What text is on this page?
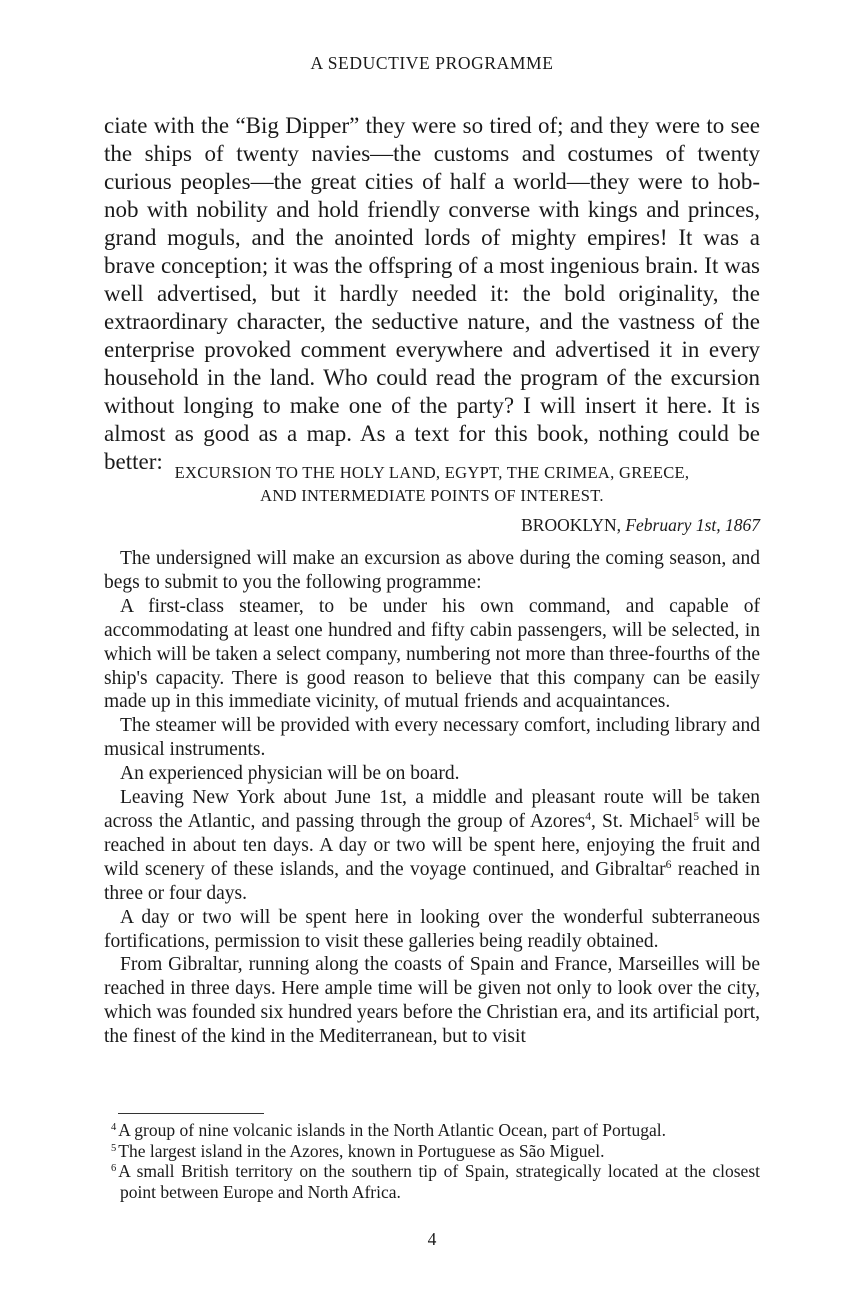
A SEDUCTIVE PROGRAMME

ciate with the “Big Dipper” they were so tired of; and they were to see the ships of twenty navies—the customs and costumes of twenty curious peoples—the great cities of half a world—they were to hob-nob with nobility and hold friendly converse with kings and princes, grand moguls, and the anointed lords of mighty empires! It was a brave conception; it was the offspring of a most ingenious brain. It was well advertised, but it hardly needed it: the bold originality, the extraordinary character, the seductive nature, and the vastness of the enterprise provoked comment everywhere and advertised it in every household in the land. Who could read the program of the excursion without longing to make one of the party? I will insert it here. It is almost as good as a map. As a text for this book, nothing could be better: EXCURSION TO THE HOLY LAND, EGYPT, THE CRIMEA, GREECE,
AND INTERMEDIATE POINTS OF INTEREST.

BROOKLYN, February 1st, 1867

The undersigned will make an excursion as above during the coming season, and begs to submit to you the following programme:

A first-class steamer, to be under his own command, and capable of accommodating at least one hundred and fifty cabin passengers, will be selected, in which will be taken a select company, numbering not more than three-fourths of the ship's capacity. There is good reason to believe that this company can be easily made up in this immediate vicinity, of mutual friends and acquaintances.

The steamer will be provided with every necessary comfort, including library and musical instruments.

An experienced physician will be on board.

Leaving New York about June 1st, a middle and pleasant route will be taken across the Atlantic, and passing through the group of Azores$^4$, St. Michael$^5$ will be reached in about ten days. A day or two will be spent here, enjoying the fruit and wild scenery of these islands, and the voyage continued, and Gibraltar$^6$ reached in three or four days.

A day or two will be spent here in looking over the wonderful subterraneous fortifications, permission to visit these galleries being readily obtained.

From Gibraltar, running along the coasts of Spain and France, Marseilles will be reached in three days. Here ample time will be given not only to look over the city, which was founded six hundred years before the Christian era, and its artificial port, the finest of the kind in the Mediterranean, but to visit

$^4$ A group of nine volcanic islands in the North Atlantic Ocean, part of Portugal.

$^5$ The largest island in the Azores, known in Portuguese as São Miguel.

$^6$ A small British territory on the southern tip of Spain, strategically located at the closest point between Europe and North Africa.

4
